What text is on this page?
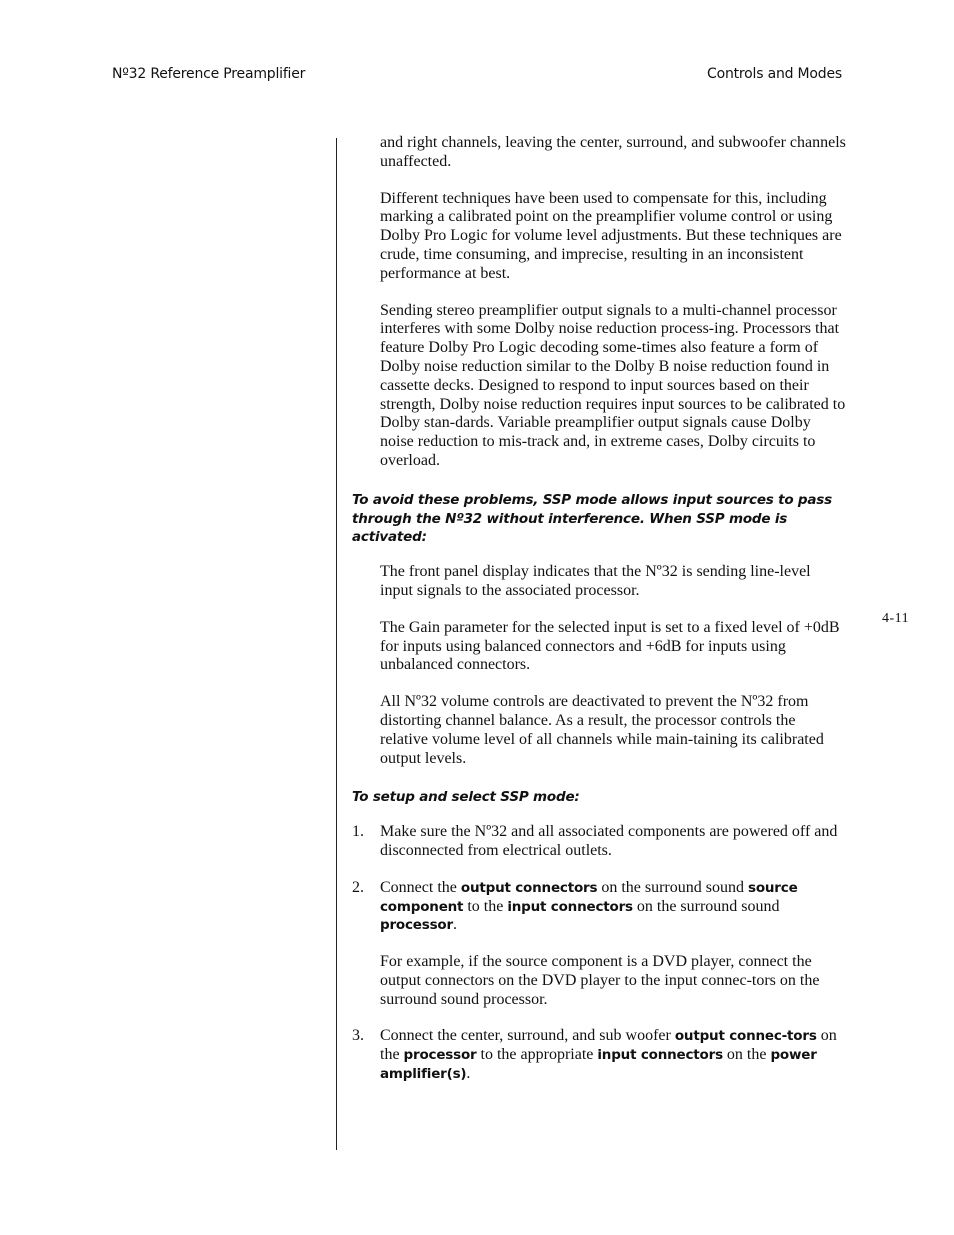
Nº32 Reference Preamplifier	Controls and Modes
4-11

and right channels, leaving the center, surround, and subwoofer channels unaffected.

Different techniques have been used to compensate for this, including marking a calibrated point on the preamplifier volume control or using Dolby Pro Logic for volume level adjustments. But these techniques are crude, time consuming, and imprecise, resulting in an inconsistent performance at best.

Sending stereo preamplifier output signals to a multi-channel processor interferes with some Dolby noise reduction process-ing. Processors that feature Dolby Pro Logic decoding some-times also feature a form of Dolby noise reduction similar to the Dolby B noise reduction found in cassette decks. Designed to respond to input sources based on their strength, Dolby noise reduction requires input sources to be calibrated to Dolby stan-dards. Variable preamplifier output signals cause Dolby noise reduction to mis-track and, in extreme cases, Dolby circuits to overload.

To avoid these problems, SSP mode allows input sources to pass through the Nº32 without interference. When SSP mode is activated:

The front panel display indicates that the Nº32 is sending line-level input signals to the associated processor.

The Gain parameter for the selected input is set to a fixed level of +0dB for inputs using balanced connectors and +6dB for inputs using unbalanced connectors.

All Nº32 volume controls are deactivated to prevent the Nº32 from distorting channel balance. As a result, the processor controls the relative volume level of all channels while main-taining its calibrated output levels.

To setup and select SSP mode:

1. Make sure the Nº32 and all associated components are powered off and disconnected from electrical outlets.
2. Connect the output connectors on the surround sound source component to the input connectors on the surround sound processor.

For example, if the source component is a DVD player, connect the output connectors on the DVD player to the input connec-tors on the surround sound processor.

3. Connect the center, surround, and sub woofer output connec-tors on the processor to the appropriate input connectors on the power amplifier(s).
